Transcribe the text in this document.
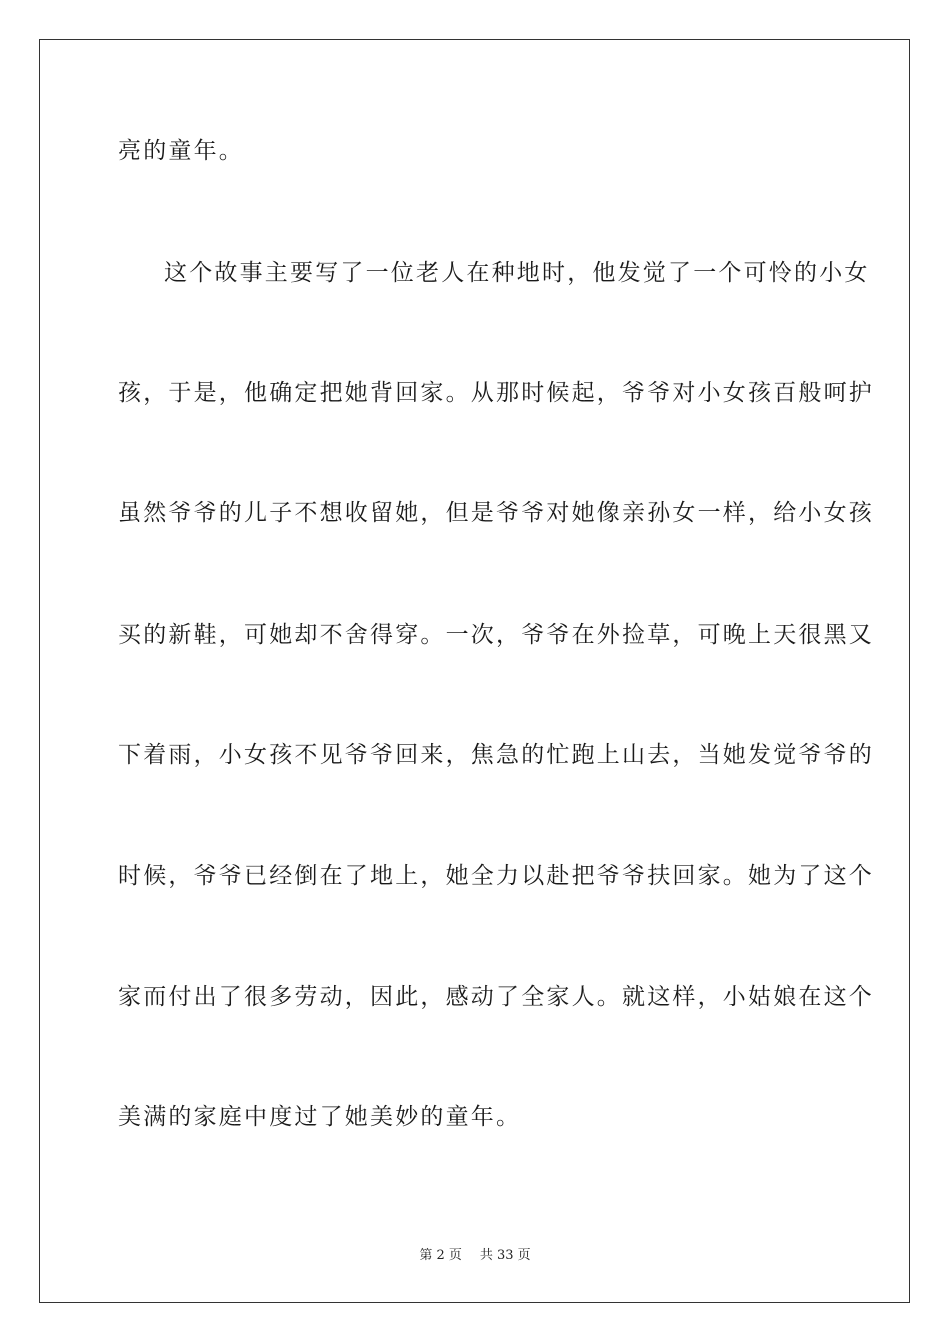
亮的童年。
这个故事主要写了一位老人在种地时，他发觉了一个可怜的小女
孩，于是，他确定把她背回家。从那时候起，爷爷对小女孩百般呵护
虽然爷爷的儿子不想收留她，但是爷爷对她像亲孙女一样，给小女孩
买的新鞋，可她却不舍得穿。一次，爷爷在外捡草，可晚上天很黑又
下着雨，小女孩不见爷爷回来，焦急的忙跑上山去，当她发觉爷爷的
时候，爷爷已经倒在了地上，她全力以赴把爷爷扶回家。她为了这个
家而付出了很多劳动，因此，感动了全家人。就这样，小姑娘在这个
美满的家庭中度过了她美妙的童年。
第 2 页 共 33 页
